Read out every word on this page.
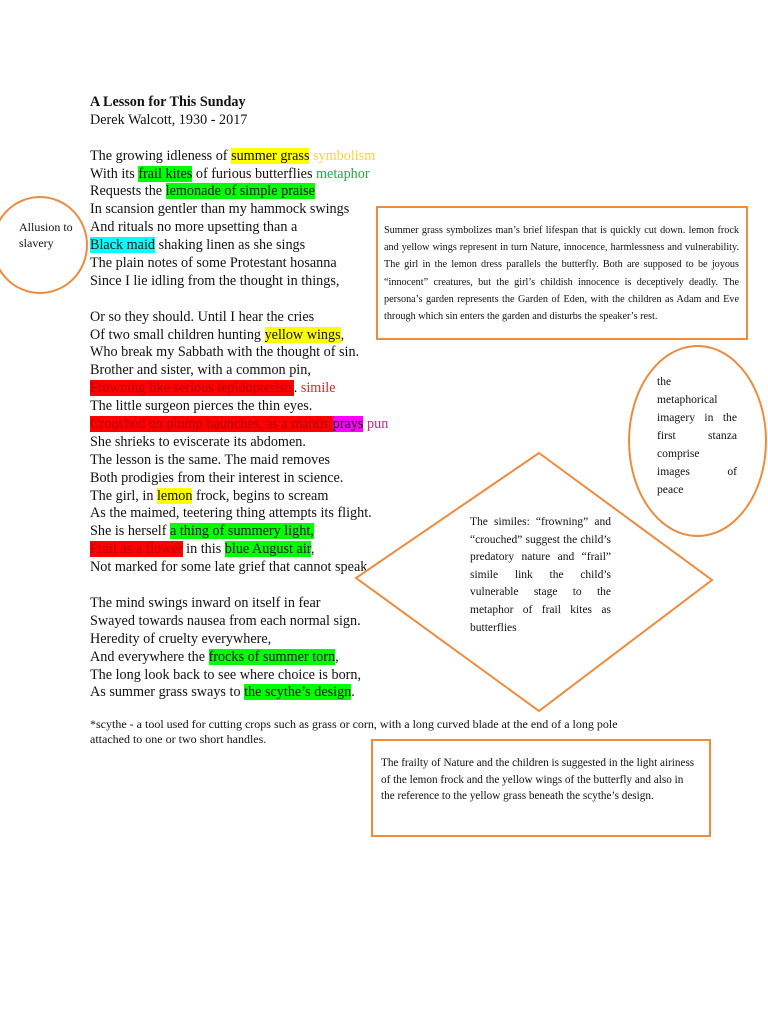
A Lesson for This Sunday
Derek Walcott, 1930 - 2017
The growing idleness of summer grass symbolism
With its frail kites of furious butterflies metaphor
Requests the lemonade of simple praise
In scansion gentler than my hammock swings
And rituals no more upsetting than a
Black maid shaking linen as she sings
The plain notes of some Protestant hosanna
Since I lie idling from the thought in things,
Or so they should. Until I hear the cries
Of two small children hunting yellow wings,
Who break my Sabbath with the thought of sin.
Brother and sister, with a common pin,
Frowning like serious lepidopterists. simile
The little surgeon pierces the thin eyes.
Crouched on plump haunches, as a mantis prays pun
She shrieks to eviscerate its abdomen.
The lesson is the same. The maid removes
Both prodigies from their interest in science.
The girl, in lemon frock, begins to scream
As the maimed, teetering thing attempts its flight.
She is herself a thing of summery light,
Frail as a flower in this blue August air,
Not marked for some late grief that cannot speak.
The mind swings inward on itself in fear
Swayed towards nausea from each normal sign.
Heredity of cruelty everywhere,
And everywhere the frocks of summer torn,
The long look back to see where choice is born,
As summer grass sways to the scythe’s design.
*scythe - a tool used for cutting crops such as grass or corn, with a long curved blade at the end of a long pole attached to one or two short handles.
Allusion to slavery
Summer grass symbolizes man’s brief lifespan that is quickly cut down. lemon frock and yellow wings represent in turn Nature, innocence, harmlessness and vulnerability. The girl in the lemon dress parallels the butterfly. Both are supposed to be joyous “innocent” creatures, but the girl’s childish innocence is deceptively deadly. The persona’s garden represents the Garden of Eden, with the children as Adam and Eve through which sin enters the garden and disturbs the speaker’s rest.
the
metaphorical
imagery in the
first stanza
comprise
images of
peace
The similes: “frowning” and “crouched” suggest the child’s predatory nature and “frail” simile link the child’s vulnerable stage to the metaphor of frail kites as butterflies
The frailty of Nature and the children is suggested in the light airiness of the lemon frock and the yellow wings of the butterfly and also in the reference to the yellow grass beneath the scythe’s design.
